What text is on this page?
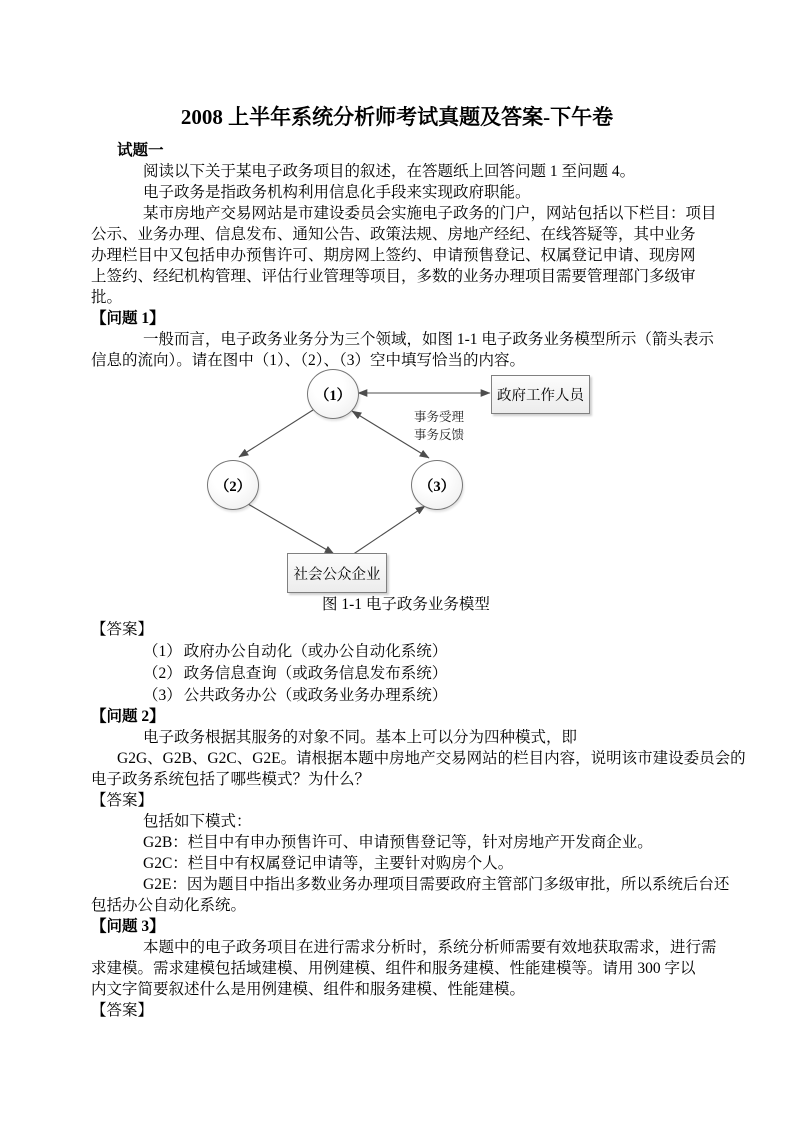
2008 上半年系统分析师考试真题及答案-下午卷
试题一
阅读以下关于某电子政务项目的叙述，在答题纸上回答问题 1 至问题 4。
电子政务是指政务机构利用信息化手段来实现政府职能。
某市房地产交易网站是市建设委员会实施电子政务的门户，网站包括以下栏目：项目
公示、业务办理、信息发布、通知公告、政策法规、房地产经纪、在线答疑等，其中业务
办理栏目中又包括申办预售许可、期房网上签约、申请预售登记、权属登记申请、现房网
上签约、经纪机构管理、评估行业管理等项目，多数的业务办理项目需要管理部门多级审
批。
【问题 1】
一般而言，电子政务业务分为三个领域，如图 1-1 电子政务业务模型所示（箭头表示
信息的流向）。请在图中（1）、（2）、（3）空中填写恰当的内容。
（1）
（2）	（3）
政府工作人员
社会公众企业
事务受理
事务反馈
图 1-1 电子政务业务模型
【答案】
（1） 政府办公自动化（或办公自动化系统）
（2） 政务信息查询（或政务信息发布系统）
（3） 公共政务办公（或政务业务办理系统）
【问题 2】
电子政务根据其服务的对象不同。基本上可以分为四种模式，即
G2G、G2B、G2C、G2E。请根据本题中房地产交易网站的栏目内容，说明该市建设委员会的
电子政务系统包括了哪些模式？为什么？
【答案】
包括如下模式：
G2B：栏目中有申办预售许可、申请预售登记等，针对房地产开发商企业。
G2C：栏目中有权属登记申请等，主要针对购房个人。
G2E：因为题目中指出多数业务办理项目需要政府主管部门多级审批，所以系统后台还
包括办公自动化系统。
【问题 3】
本题中的电子政务项目在进行需求分析时，系统分析师需要有效地获取需求，进行需
求建模。需求建模包括域建模、用例建模、组件和服务建模、性能建模等。请用 300 字以
内文字简要叙述什么是用例建模、组件和服务建模、性能建模。
【答案】
